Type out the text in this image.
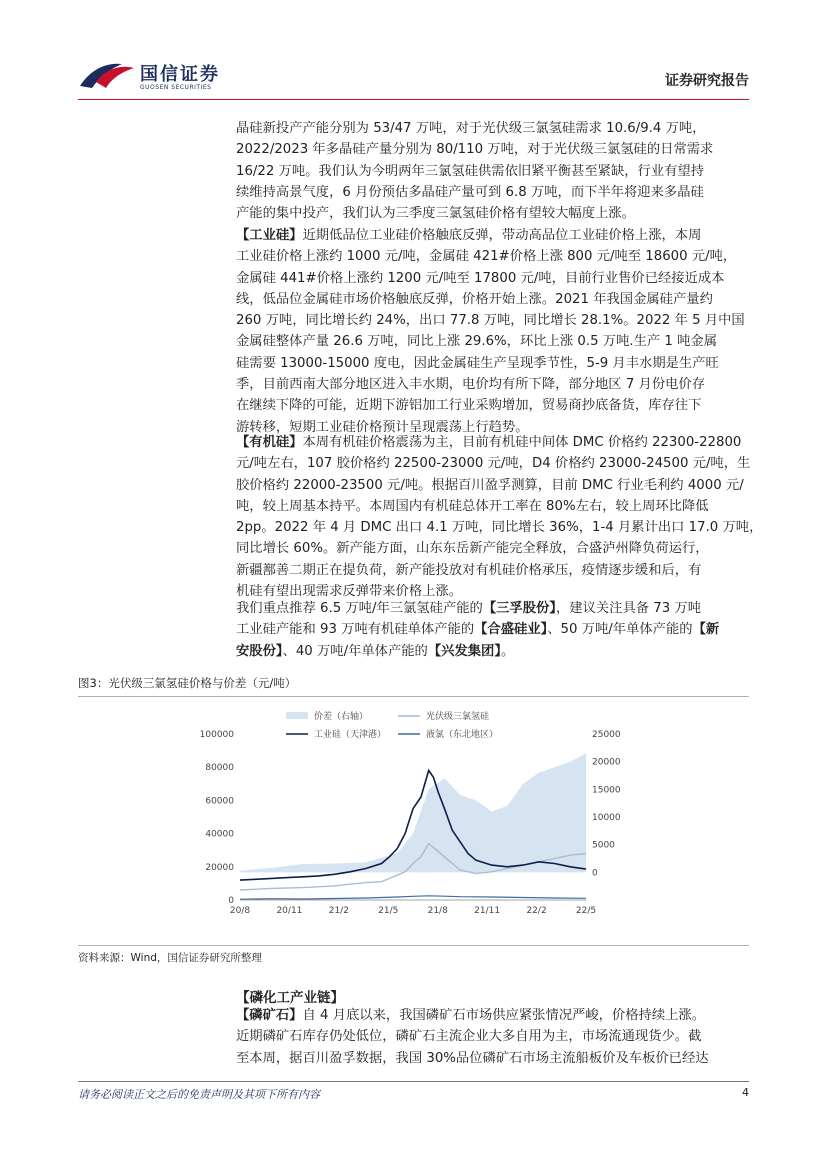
国信证券
GUOSEN SECURITIES	证券研究报告
晶硅新投产产能分别为 53/47 万吨，对于光伏级三氯氢硅需求 10.6/9.4 万吨，
2022/2023 年多晶硅产量分别为 80/110 万吨，对于光伏级三氯氢硅的日常需求
16/22 万吨。我们认为今明两年三氯氢硅供需依旧紧平衡甚至紧缺，行业有望持
续维持高景气度，6 月份预估多晶硅产量可到 6.8 万吨，而下半年将迎来多晶硅
产能的集中投产，我们认为三季度三氯氢硅价格有望较大幅度上涨。
【工业硅】近期低品位工业硅价格触底反弹，带动高品位工业硅价格上涨，本周
工业硅价格上涨约 1000 元/吨，金属硅 421#价格上涨 800 元/吨至 18600 元/吨，
金属硅 441#价格上涨约 1200 元/吨至 17800 元/吨，目前行业售价已经接近成本
线，低品位金属硅市场价格触底反弹，价格开始上涨。2021 年我国金属硅产量约
260 万吨，同比增长约 24%，出口 77.8 万吨，同比增长 28.1%。2022 年 5 月中国
金属硅整体产量 26.6 万吨，同比上涨 29.6%，环比上涨 0.5 万吨.生产 1 吨金属
硅需要 13000-15000 度电，因此金属硅生产呈现季节性，5-9 月丰水期是生产旺
季，目前西南大部分地区进入丰水期，电价均有所下降，部分地区 7 月份电价存
在继续下降的可能，近期下游铝加工行业采购增加，贸易商抄底备货，库存往下
游转移，短期工业硅价格预计呈现震荡上行趋势。
【有机硅】本周有机硅价格震荡为主，目前有机硅中间体 DMC 价格约 22300-22800
元/吨左右，107 胶价格约 22500-23000 元/吨，D4 价格约 23000-24500 元/吨，生
胶价格约 22000-23500 元/吨。根据百川盈孚测算，目前 DMC 行业毛利约 4000 元/
吨，较上周基本持平。本周国内有机硅总体开工率在 80%左右，较上周环比降低
2pp。2022 年 4 月 DMC 出口 4.1 万吨，同比增长 36%，1-4 月累计出口 17.0 万吨，
同比增长 60%。新产能方面，山东东岳新产能完全释放，合盛泸州降负荷运行，
新疆鄯善二期正在提负荷，新产能投放对有机硅价格承压，疫情逐步缓和后，有
机硅有望出现需求反弹带来价格上涨。
我们重点推荐 6.5 万吨/年三氯氢硅产能的【三孚股份】，建议关注具备 73 万吨
工业硅产能和 93 万吨有机硅单体产能的【合盛硅业】、50 万吨/年单体产能的【新
安股份】、40 万吨/年单体产能的【兴发集团】。
图3：光伏级三氯氢硅价格与价差（元/吨）
价差（右轴）	光伏级三氯氢硅
工业硅（天津港）	液氯（东北地区）
0
20000
40000
60000
80000
100000
0
5000
10000
15000
20000
25000
20/8	20/11	21/2	21/5	21/8	21/11	22/2	22/5
资料来源：Wind，国信证券研究所整理
【磷化工产业链】
【磷矿石】自 4 月底以来，我国磷矿石市场供应紧张情况严峻，价格持续上涨。
近期磷矿石库存仍处低位，磷矿石主流企业大多自用为主，市场流通现货少。截
至本周，据百川盈孚数据，我国 30%品位磷矿石市场主流船板价及车板价已经达
请务必阅读正文之后的免责声明及其项下所有内容	4
